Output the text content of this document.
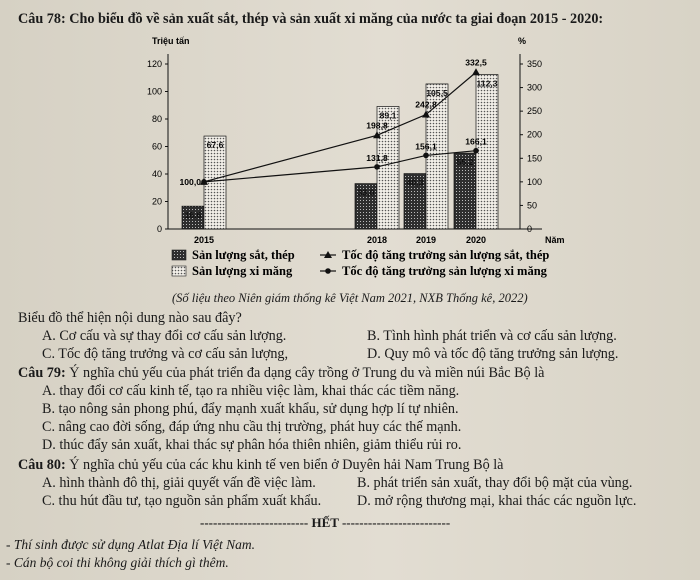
Câu 78: Cho biểu đồ về sản xuất sắt, thép và sản xuất xi măng của nước ta giai đoạn 2015 - 2020:
Triệu tấn	%
Năm
0
20
40
60
80
100
120
0
50
100
150
200
250
300
350
16,6
67,6
2015
33,0
89,1
2018
40,3
105,5
2019
55,2
112,3
2020
198,8
242,8
332,5
131,8
156,1	166,1
100,0
Sản lượng sắt, thép
Sản lượng xi măng
Tốc độ tăng trưởng sản lượng sắt, thép
Tốc độ tăng trưởng sản lượng xi măng
(Số liệu theo Niên giám thống kê Việt Nam 2021, NXB Thống kê, 2022)
Biểu đồ thể hiện nội dung nào sau đây?
A. Cơ cấu và sự thay đổi cơ cấu sản lượng.	B. Tình hình phát triển và cơ cấu sản lượng.
C. Tốc độ tăng trưởng và cơ cấu sản lượng,	D. Quy mô và tốc độ tăng trưởng sản lượng.
Câu 79: Ý nghĩa chủ yếu của phát triển đa dạng cây trồng ở Trung du và miền núi Bắc Bộ là
A. thay đổi cơ cấu kinh tế, tạo ra nhiều việc làm, khai thác các tiềm năng.
B. tạo nông sản phong phú, đẩy mạnh xuất khẩu, sử dụng hợp lí tự nhiên.
C. nâng cao đời sống, đáp ứng nhu cầu thị trường, phát huy các thế mạnh.
D. thúc đẩy sản xuất, khai thác sự phân hóa thiên nhiên, giảm thiểu rủi ro.
Câu 80: Ý nghĩa chủ yếu của các khu kinh tế ven biển ở Duyên hải Nam Trung Bộ là
A. hình thành đô thị, giải quyết vấn đề việc làm.	B. phát triển sản xuất, thay đổi bộ mặt của vùng.
C. thu hút đầu tư, tạo nguồn sản phẩm xuất khẩu.	D. mở rộng thương mại, khai thác các nguồn lực.
------------------------- HẾT -------------------------
- Thí sinh được sử dụng Atlat Địa lí Việt Nam.
- Cán bộ coi thi không giải thích gì thêm.
